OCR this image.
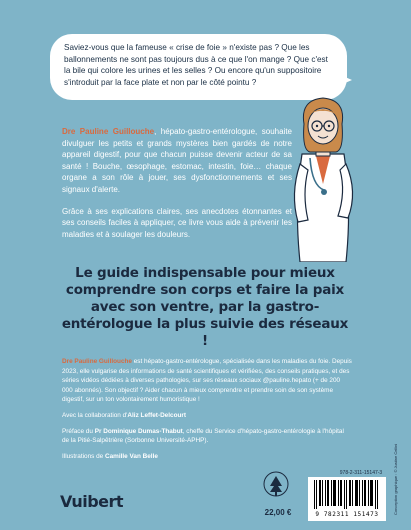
Saviez-vous que la fameuse « crise de foie » n'existe pas ? Que les ballonnements ne sont pas toujours dus à ce que l'on mange ? Que c'est la bile qui colore les urines et les selles ? Ou encore qu'un suppositoire s'introduit par la face plate et non par le côté pointu ?

Dre Pauline Guillouche, hépato-gastro-entérologue, souhaite divulguer les petits et grands mystères bien gardés de notre appareil digestif, pour que chacun puisse devenir acteur de sa santé ! Bouche, œsophage, estomac, intestin, foie… chaque organe a son rôle à jouer, ses dysfonctionnements et ses signaux d'alerte.

Grâce à ses explications claires, ses anecdotes étonnantes et ses conseils faciles à appliquer, ce livre vous aide à prévenir les maladies et à soulager les douleurs.

Le guide indispensable pour mieux comprendre son corps et faire la paix avec son ventre, par la gastro-entérologue la plus suivie des réseaux !

Dre Pauline Guillouche est hépato-gastro-entérologue, spécialisée dans les maladies du foie. Depuis 2023, elle vulgarise des informations de santé scientifiques et vérifiées, des conseils pratiques, et des séries vidéos dédiées à diverses pathologies, sur ses réseaux sociaux @pauline.hepato (+ de 200 000 abonnés). Son objectif ? Aider chacun à mieux comprendre et prendre soin de son système digestif, sur un ton volontairement humoristique !

Avec la collaboration d'Aliz Leffet-Delcourt

Préface du Pr Dominique Dumas-Thabut, cheffe du Service d'hépato-gastro-entérologie à l'hôpital de la Pitié-Salpêtrière (Sorbonne Université-APHP).

Illustrations de Camille Van Belle

Vuibert
22,00 €
978-2-311-15147-3
9 782311 151473	Conception graphique : © Justine Cellini
